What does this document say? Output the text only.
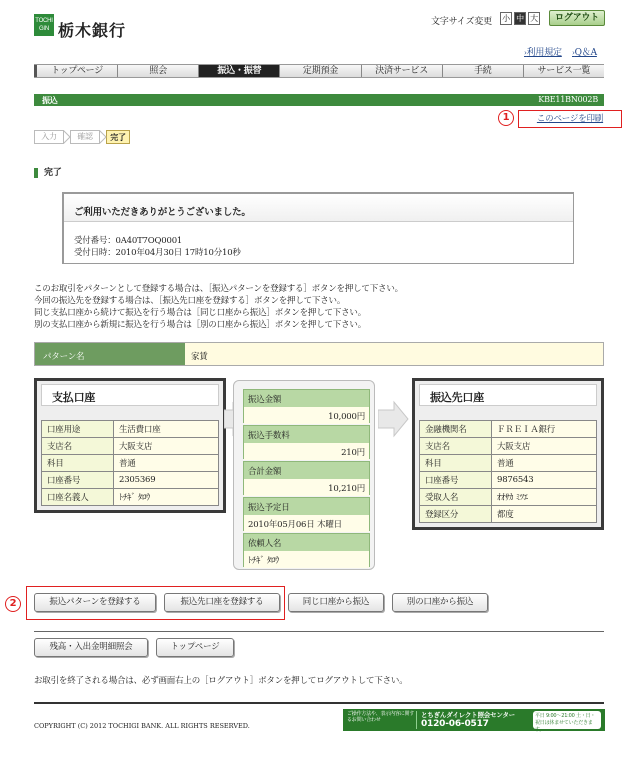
TOCHI GIN 栃木銀行	文字サイズ変更 小 中 大	ログアウト
›利用規定 ›Q＆A
トップページ	照会	振込・振替	定期預金	決済サービス	手続	サービス一覧
振込	KBE11BN002B
1	このページを印刷
入力	確認	完了
完了
ご利用いただきありがとうございました。
受付番号：0A40T7OQ0001
受付日時：2010年04月30日 17時10分10秒
このお取引をパターンとして登録する場合は、［振込パターンを登録する］ボタンを押して下さい。
今回の振込先を登録する場合は、［振込先口座を登録する］ボタンを押して下さい。
同じ支払口座から続けて振込を行う場合は［同じ口座から振込］ボタンを押して下さい。
別の支払口座から新規に振込を行う場合は［別の口座から振込］ボタンを押して下さい。
パターン名	家賃
支払口座
口座用途	生活費口座
支店名	大阪支店
科目	普通
口座番号	2305369
口座名義人	ﾄﾁｷﾞ ﾀﾛｳ
振込金額
10,000円
振込手数料
210円
合計金額
10,210円
振込予定日
2010年05月06日 木曜日
依頼人名
ﾄﾁｷﾞ ﾀﾛｳ
振込先口座
金融機関名	ＦＲＥＩＡ銀行
支店名	大阪支店
科目	普通
口座番号	9876543
受取人名	ｵｵｻｶ ﾐﾂｴ
登録区分	都度
2	振込パターンを登録する	振込先口座を登録する	同じ口座から振込	別の口座から振込
残高・入出金明細照会	トップページ
お取引を終了される場合は、必ず画面右上の［ログアウト］ボタンを押してログアウトして下さい。
COPYRIGHT (C) 2012 TOCHIGI BANK. ALL RIGHTS RESERVED.
ご操作方法や、表示内容に関するお問い合わせ
とちぎんダイレクト照会センター
0120-06-0517
平日 9:00〜21:00 土・日・祝日は休ませていただきます。
